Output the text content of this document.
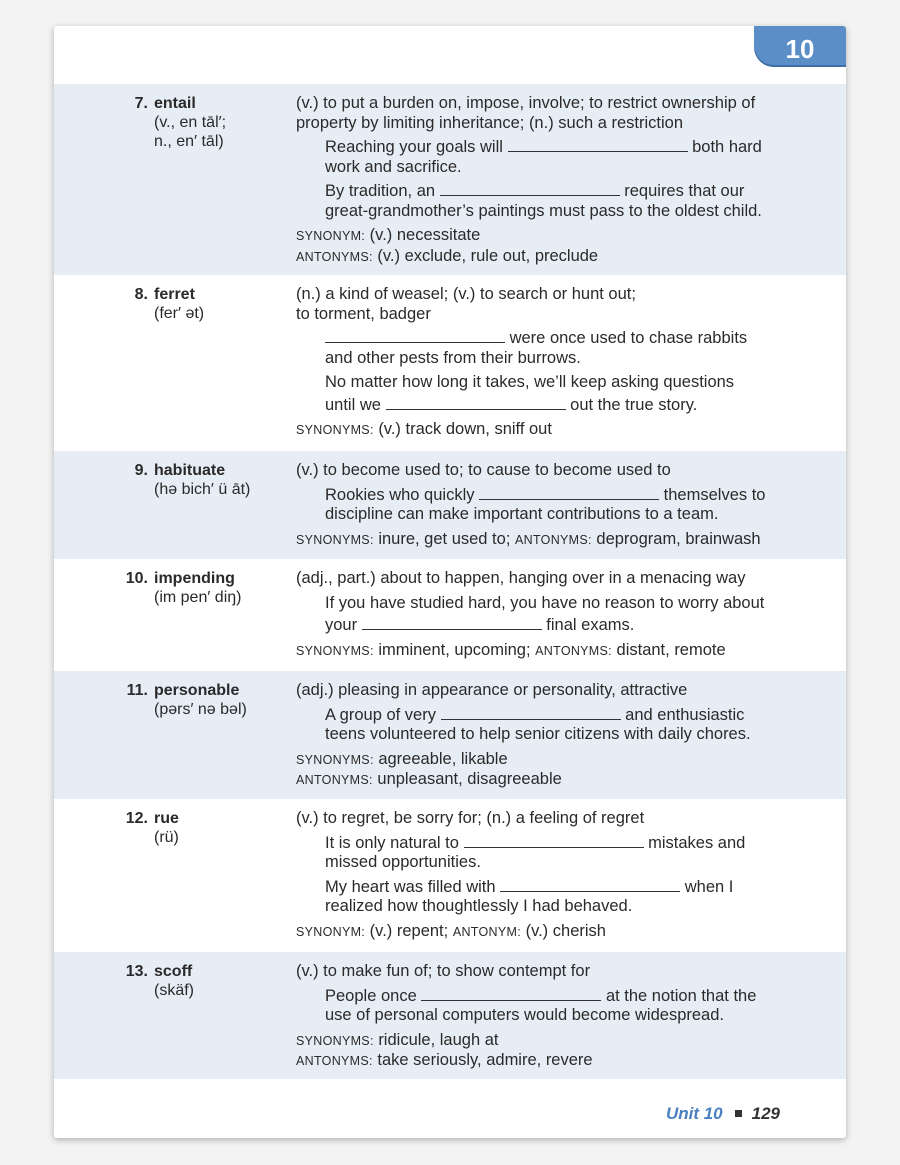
10
7. entail
(v., en tāl′;
n., en′ tāl)
(v.) to put a burden on, impose, involve; to restrict ownership of
property by limiting inheritance; (n.) such a restriction
Reaching your goals will	both hard
work and sacrifice.
By tradition, an	requires that our
great-grandmother’s paintings must pass to the oldest child.
SYNONYM: (v.) necessitate
ANTONYMS: (v.) exclude, rule out, preclude
8. ferret
(fer′ ət)
(n.) a kind of weasel; (v.) to search or hunt out;
to torment, badger
were once used to chase rabbits
and other pests from their burrows.
No matter how long it takes, we’ll keep asking questions
until we	out the true story.
SYNONYMS: (v.) track down, sniff out
9. habituate
(hə bich′ ü āt)
(v.) to become used to; to cause to become used to
Rookies who quickly	themselves to
discipline can make important contributions to a team.
SYNONYMS: inure, get used to; ANTONYMS: deprogram, brainwash
10. impending
(im pen′ diŋ)
(adj., part.) about to happen, hanging over in a menacing way
If you have studied hard, you have no reason to worry about
your	final exams.
SYNONYMS: imminent, upcoming; ANTONYMS: distant, remote
11. personable
(pərs′ nə bəl)
(adj.) pleasing in appearance or personality, attractive
A group of very	and enthusiastic
teens volunteered to help senior citizens with daily chores.
SYNONYMS: agreeable, likable
ANTONYMS: unpleasant, disagreeable
12. rue
(rü)
(v.) to regret, be sorry for; (n.) a feeling of regret
It is only natural to	mistakes and
missed opportunities.
My heart was filled with	when I
realized how thoughtlessly I had behaved.
SYNONYM: (v.) repent; ANTONYM: (v.) cherish
13. scoff
(skäf)
(v.) to make fun of; to show contempt for
People once	at the notion that the
use of personal computers would become widespread.
SYNONYMS: ridicule, laugh at
ANTONYMS: take seriously, admire, revere
Unit 10 129
